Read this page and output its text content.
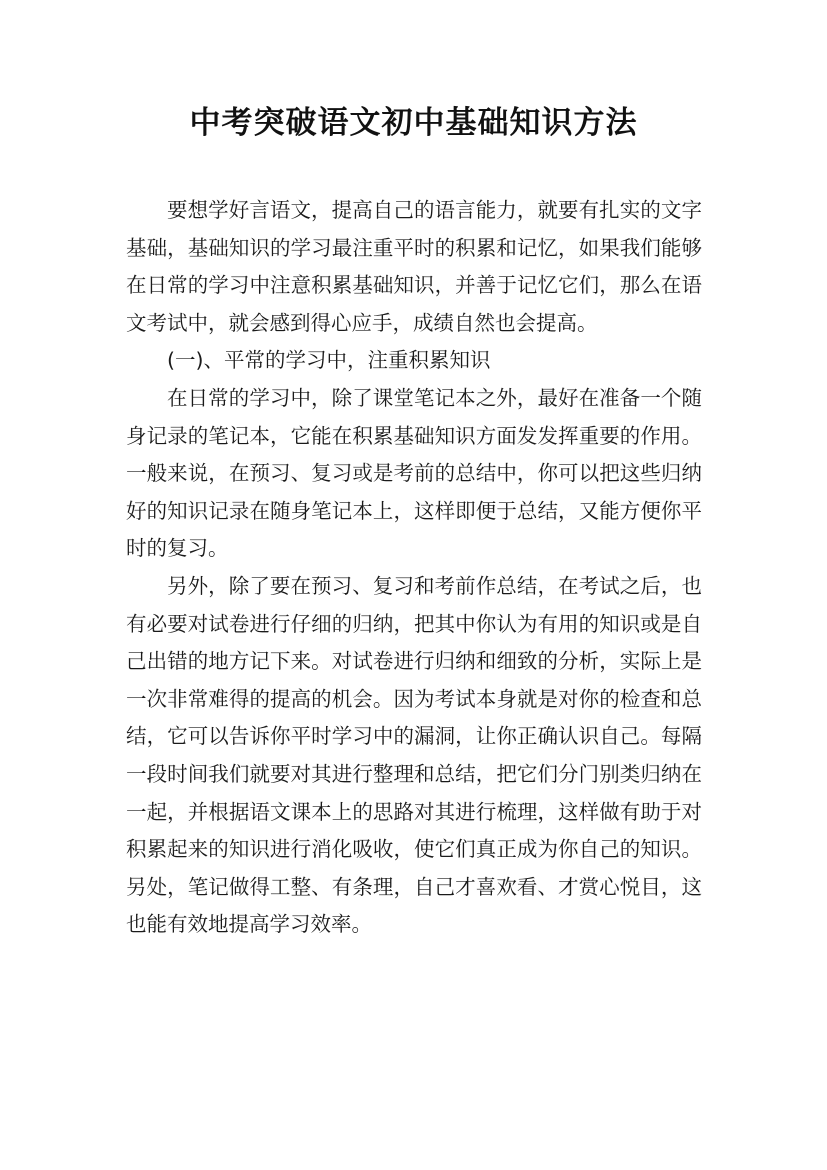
中考突破语文初中基础知识方法

要想学好言语文，提高自己的语言能力，就要有扎实的文字基础，基础知识的学习最注重平时的积累和记忆，如果我们能够在日常的学习中注意积累基础知识，并善于记忆它们，那么在语文考试中，就会感到得心应手，成绩自然也会提高。

(一)、平常的学习中，注重积累知识

在日常的学习中，除了课堂笔记本之外，最好在准备一个随身记录的笔记本，它能在积累基础知识方面发发挥重要的作用。一般来说，在预习、复习或是考前的总结中，你可以把这些归纳好的知识记录在随身笔记本上，这样即便于总结，又能方便你平时的复习。

另外，除了要在预习、复习和考前作总结，在考试之后，也有必要对试卷进行仔细的归纳，把其中你认为有用的知识或是自己出错的地方记下来。对试卷进行归纳和细致的分析，实际上是一次非常难得的提高的机会。因为考试本身就是对你的检查和总结，它可以告诉你平时学习中的漏洞，让你正确认识自己。每隔一段时间我们就要对其进行整理和总结，把它们分门别类归纳在一起，并根据语文课本上的思路对其进行梳理，这样做有助于对积累起来的知识进行消化吸收，使它们真正成为你自己的知识。另处，笔记做得工整、有条理，自己才喜欢看、才赏心悦目，这也能有效地提高学习效率。
